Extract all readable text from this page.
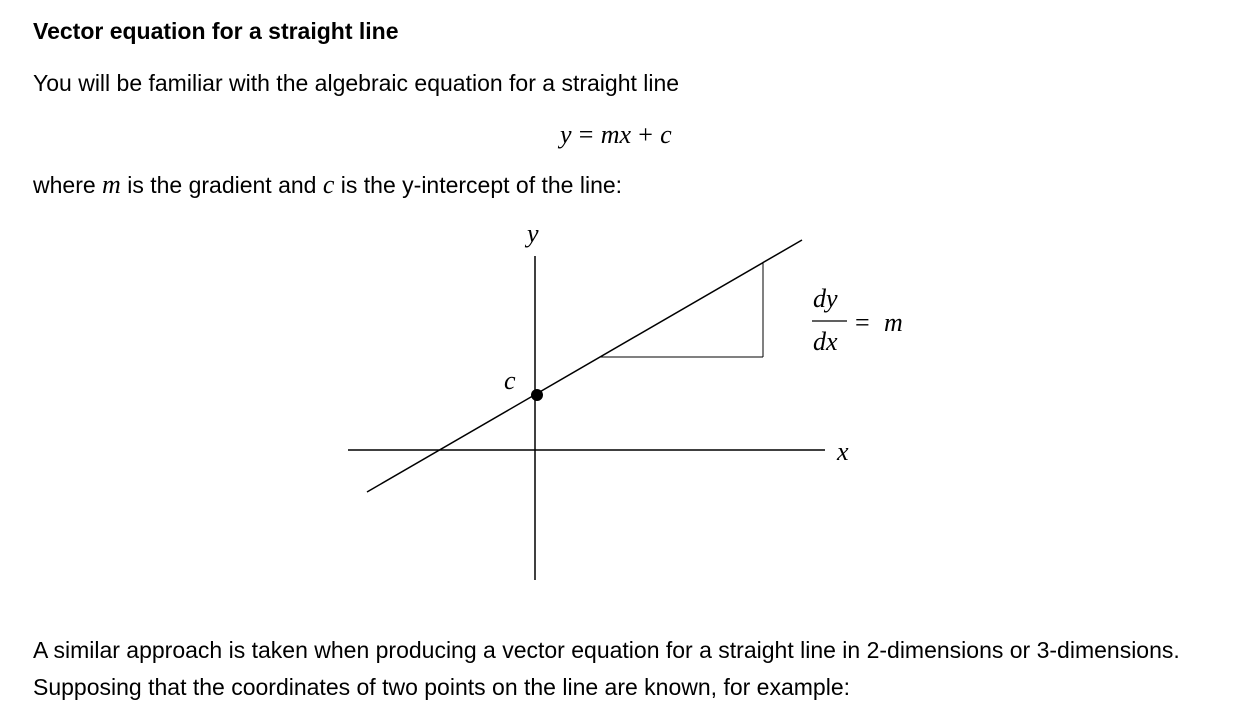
Vector equation for a straight line
You will be familiar with the algebraic equation for a straight line
y = mx + c
where m is the gradient and c is the y-intercept of the line:
y
x
c
dy
dx
= m
A similar approach is taken when producing a vector equation for a straight line in 2-dimensions or 3-dimensions. Supposing that the coordinates of two points on the line are known, for example:
